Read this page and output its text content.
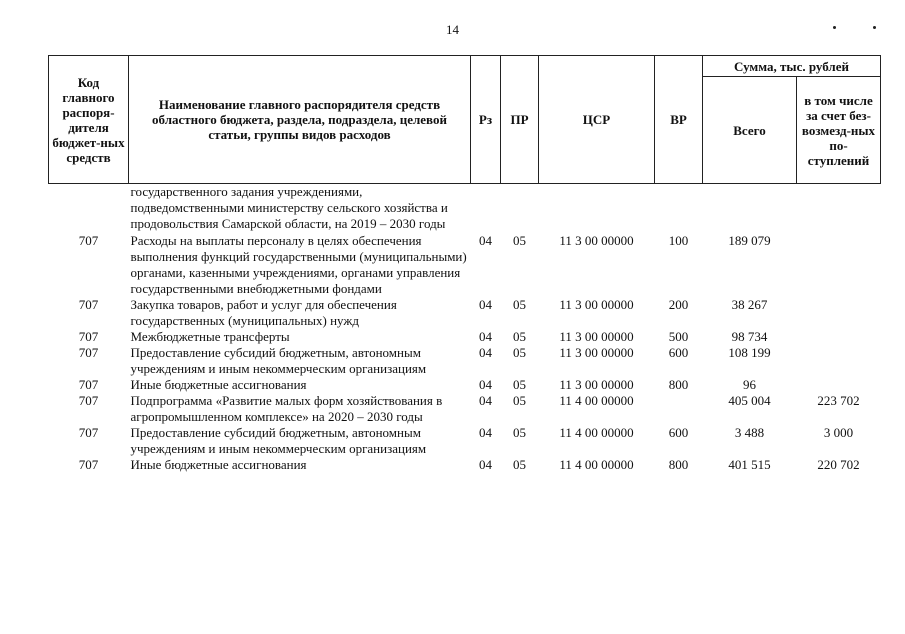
14
Код главного распоря-дителя бюджет-ных средств	Наименование главного распорядителя средств областного бюджета, раздела, подраздела, целевой статьи, группы видов расходов	Рз	ПР	ЦСР	ВР	Сумма, тыс. рублей	
						Всего	в том числе за счет без-возмезд-ных по-ступлений
	государственного задания учреждениями, подведомственными министерству сельского хозяйства и продовольствия Самарской области, на 2019 – 2030 годы						
707	Расходы на выплаты персоналу в целях обеспечения выполнения функций государственными (муниципальными) органами, казенными учреждениями, органами управления государственными внебюджетными фондами	04	05	11 3 00 00000	100	189 079	
707	Закупка товаров, работ и услуг для обеспечения государственных (муниципальных) нужд	04	05	11 3 00 00000	200	38 267	
707	Межбюджетные трансферты	04	05	11 3 00 00000	500	98 734	
707	Предоставление субсидий бюджетным, автономным учреждениям и иным некоммерческим организациям	04	05	11 3 00 00000	600	108 199	
707	Иные бюджетные ассигнования	04	05	11 3 00 00000	800	96	
707	Подпрограмма «Развитие малых форм хозяйствования в агропромышленном комплексе» на 2020 – 2030 годы	04	05	11 4 00 00000		405 004	223 702
707	Предоставление субсидий бюджетным, автономным учреждениям и иным некоммерческим организациям	04	05	11 4 00 00000	600	3 488	3 000
707	Иные бюджетные ассигнования	04	05	11 4 00 00000	800	401 515	220 702
